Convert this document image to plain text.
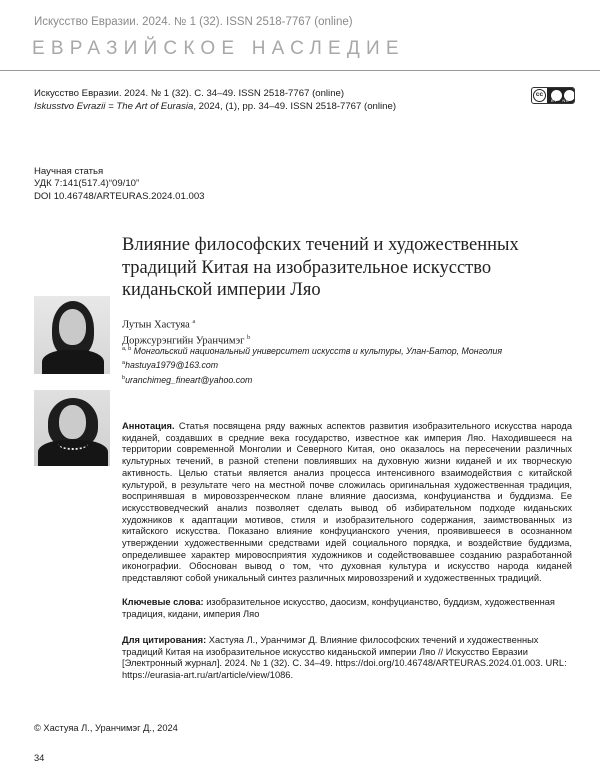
Искусство Евразии. 2024. № 1 (32). ISSN 2518-7767 (online)
ЕВРАЗИЙСКОЕ НАСЛЕДИЕ
Искусство Евразии. 2024. № 1 (32). С. 34–49. ISSN 2518-7767 (online)
Iskusstvo Evrazii = The Art of Eurasia, 2024, (1), pp. 34–49. ISSN 2518-7767 (online)
cc
BY · NC
Научная статья
УДК 7:141(517.4)“09/10”
DOI 10.46748/ARTEURAS.2024.01.003
Влияние философских течений и художественных традиций Китая на изобразительное искусство киданьской империи Ляо
Лутын Хастуяа $^a$
Доржсурэнгийн Уранчимэг $^b$
$^{a, b}$ Монгольский национальный университет искусств и культуры, Улан-Батор, Монголия
$^a$hastuya1979@163.com
$^b$uranchimeg_fineart@yahoo.com
Аннотация. Статья посвящена ряду важных аспектов развития изобразительного искусства народа киданей, создавших в средние века государство, известное как империя Ляо. Находившееся на территории современной Монголии и Северного Китая, оно оказалось на пересечении различных культурных течений, в разной степени повлиявших на духовную жизни киданей и их творческую активность. Целью статьи является анализ процесса интенсивного взаимодействия с китайской культурой, в результате чего на местной почве сложилась оригинальная художественная традиция, воспринявшая в мировоззренческом плане влияние даосизма, конфуцианства и буддизма. Ее искусствоведческий анализ позволяет сделать вывод об избирательном подходе киданьских художников к адаптации мотивов, стиля и изобразительного содержания, заимствованных из китайского искусства. Показано влияние конфуцианского учения, проявившееся в осознанном утверждении художественными средствами идей социального порядка, и воздействие буддизма, определившее характер мировосприятия художников и содействовавшее созданию разработанной иконографии. Обоснован вывод о том, что духовная культура и искусство народа киданей представляют собой уникальный синтез различных мировоззрений и художественных традиций.
Ключевые слова: изобразительное искусство, даосизм, конфуцианство, буддизм, художественная традиция, кидани, империя Ляо
Для цитирования: Хастуяа Л., Уранчимэг Д. Влияние философских течений и художественных традиций Китая на изобразительное искусство киданьской империи Ляо // Искусство Евразии [Электронный журнал]. 2024. № 1 (32). С. 34–49. https://doi.org/10.46748/ARTEURAS.2024.01.003. URL: https://eurasia-art.ru/art/article/view/1086.
© Хастуяа Л., Уранчимэг Д., 2024
34
